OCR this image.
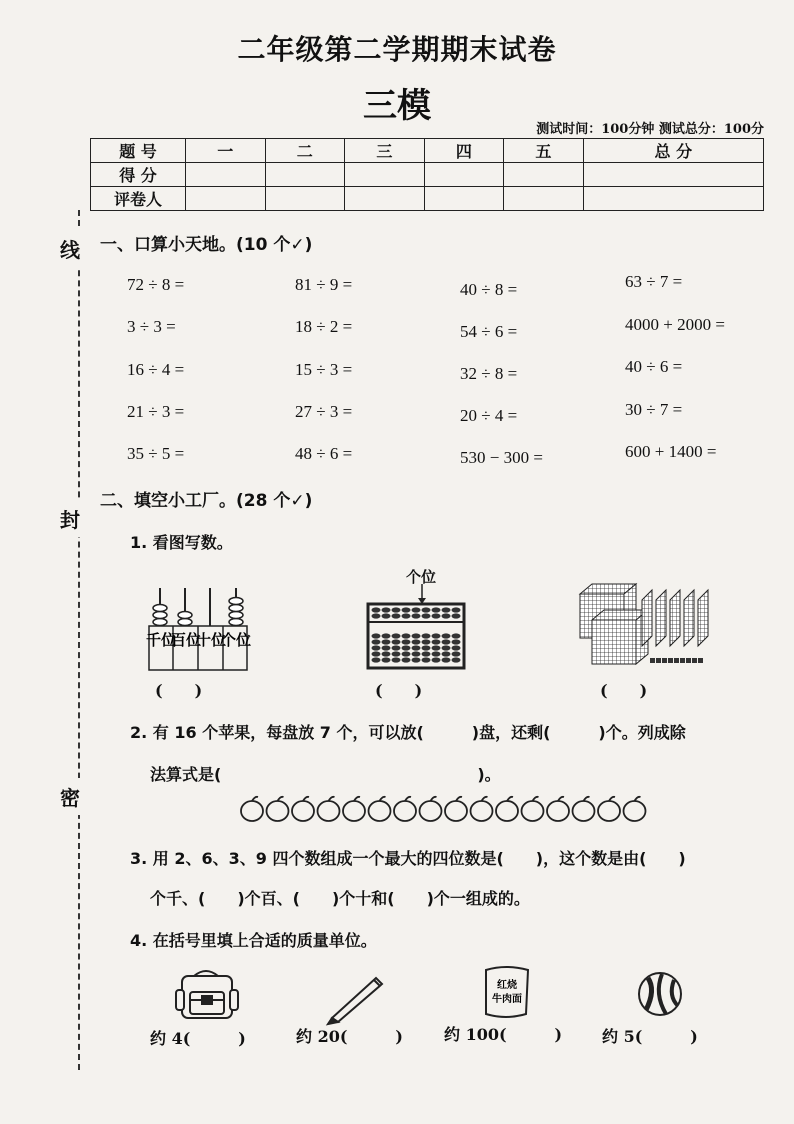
线
封
密
二年级第二学期期末试卷
三模
测试时间：100分钟 测试总分：100分
题 号	一	二	三	四	五	总 分
得 分						
评卷人						
一、口算小天地。(10 个✓)
72 ÷ 8 =	81 ÷ 9 =	40 ÷ 8 =	63 ÷ 7 =
3 ÷ 3 =	18 ÷ 2 =	54 ÷ 6 =	4000 + 2000 =
16 ÷ 4 =	15 ÷ 3 =	32 ÷ 8 =	40 ÷ 6 =
21 ÷ 3 =	27 ÷ 3 =	20 ÷ 4 =	30 ÷ 7 =
35 ÷ 5 =	48 ÷ 6 =	530 − 300 =	600 + 1400 =
二、填空小工厂。(28 个✓)
1. 看图写数。
千位
百位
十位
个位
个位
(　　)	(　　)	(　　)
2. 有 16 个苹果，每盘放 7 个，可以放(　　　)盘，还剩(　　　)个。列成除
法算式是(　　　　　　　　　　　　　　　　)。
3. 用 2、6、3、9 四个数组成一个最大的四位数是(　　)，这个数是由(　　)
个千、(　　)个百、(　　)个十和(　　)个一组成的。
4. 在括号里填上合适的质量单位。
红烧
牛肉面
约 4(　　　)	约 20(　　　)	约 100(　　　) 约 5(　　　)
